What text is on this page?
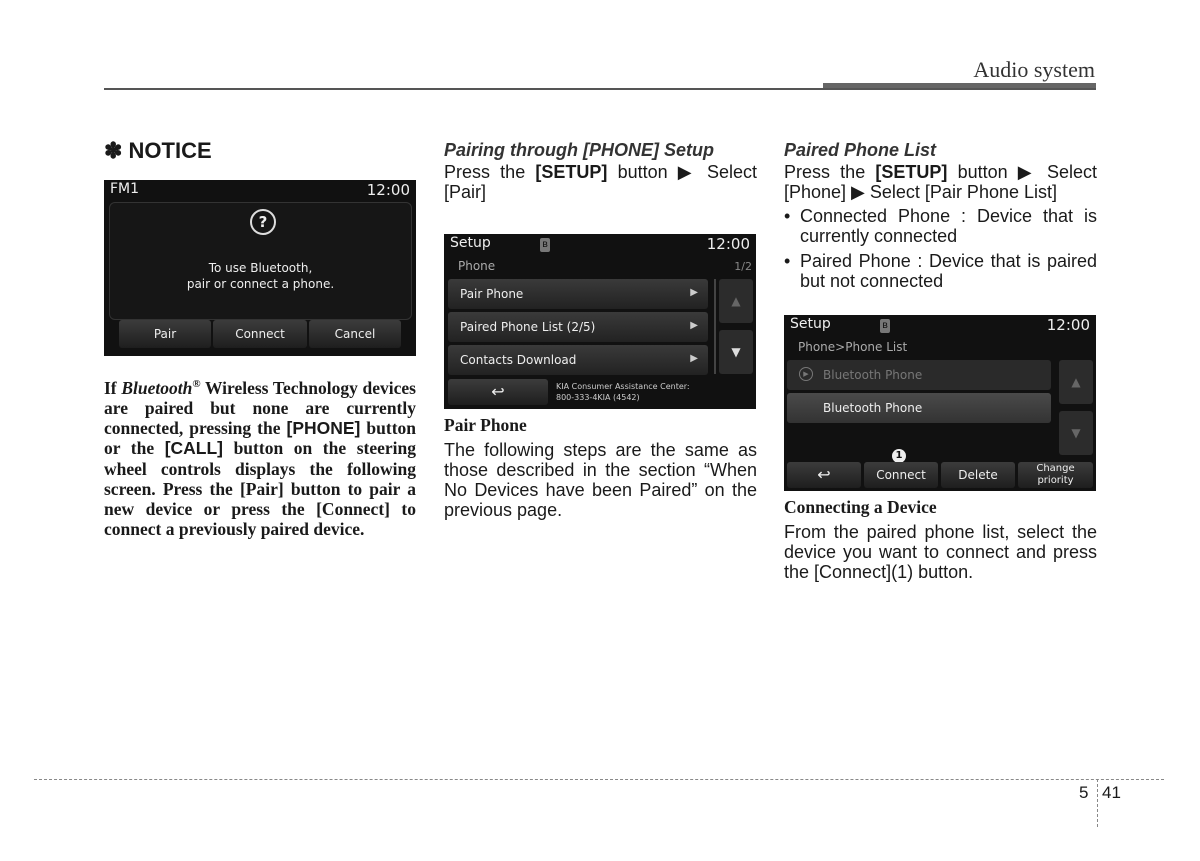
Audio system
✽ NOTICE
FM1	12:00
?
To use Bluetooth,
pair or connect a phone.
Pair	Connect	Cancel

If Bluetooth® Wireless Technology devices are paired but none are currently connected, pressing the [PHONE] button or the [CALL] button on the steering wheel controls displays the following screen. Press the [Pair] button to pair a new device or press the [Connect] to connect a previously paired device.

Pairing through [PHONE] Setup

Press the [SETUP] button ▶ Select [Pair]

Setup	ʙ	12:00
Phone	1/2
Pair Phone	▶
Paired Phone List (2/5)	▶
Contacts Download	▶
▲
▼
↩	KIA Consumer Assistance Center:
800-333-4KIA (4542)
Pair Phone

The following steps are the same as those described in the section “When No Devices have been Paired” on the previous page.

Paired Phone List

Press the [SETUP] button ▶ Select [Phone] ▶ Select [Pair Phone List]

• Connected Phone : Device that is currently connected
• Paired Phone : Device that is paired but not connected
Setup	ʙ	12:00
Phone>Phone List
▶	Bluetooth Phone
Bluetooth Phone
▲
▼
1
↩	Connect	Delete	Change
priority
Connecting a Device

From the paired phone list, select the device you want to connect and press the [Connect](1) button.

5 41
